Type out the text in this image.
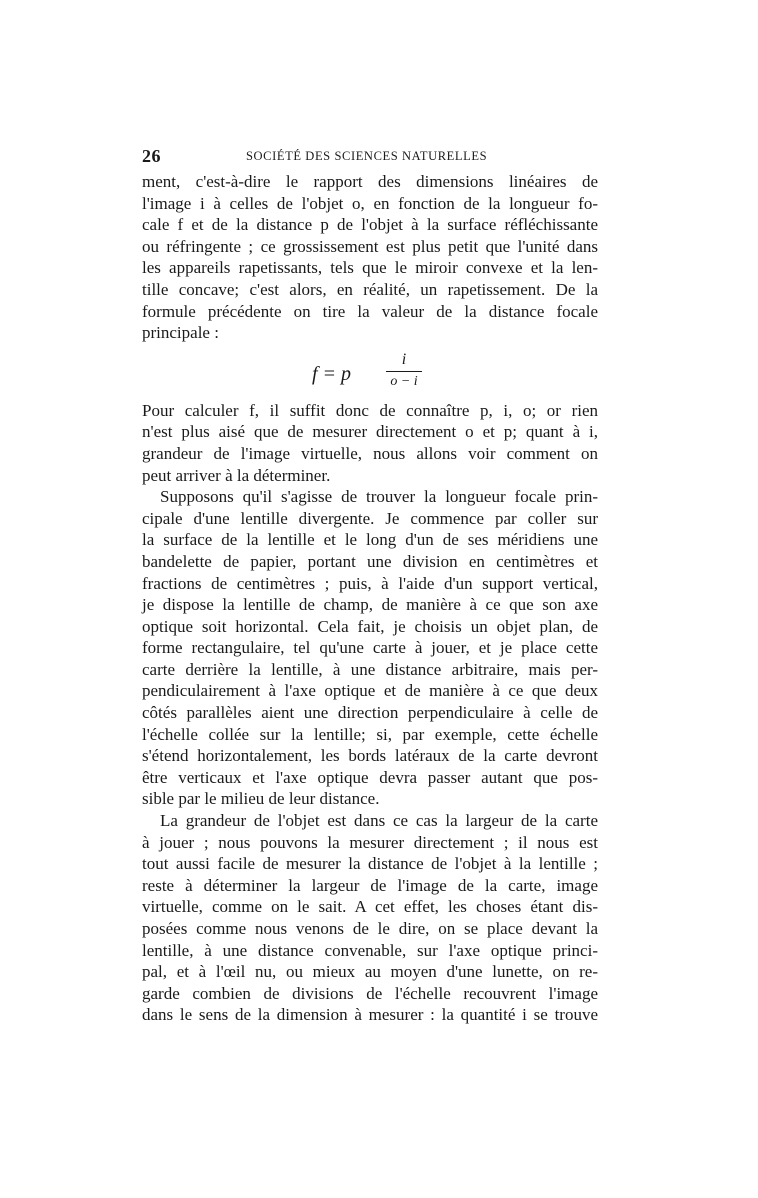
26	SOCIÉTÉ DES SCIENCES NATURELLES
ment, c'est-à-dire le rapport des dimensions linéaires de
l'image i à celles de l'objet o, en fonction de la longueur fo-
cale f et de la distance p de l'objet à la surface réfléchissante
ou réfringente ; ce grossissement est plus petit que l'unité dans
les appareils rapetissants, tels que le miroir convexe et la len-
tille concave; c'est alors, en réalité, un rapetissement. De la
formule précédente on tire la valeur de la distance focale
principale :
f = p
i
o − i
Pour calculer f, il suffit donc de connaître p, i, o; or rien
n'est plus aisé que de mesurer directement o et p; quant à i,
grandeur de l'image virtuelle, nous allons voir comment on
peut arriver à la déterminer.
Supposons qu'il s'agisse de trouver la longueur focale prin-
cipale d'une lentille divergente. Je commence par coller sur
la surface de la lentille et le long d'un de ses méridiens une
bandelette de papier, portant une division en centimètres et
fractions de centimètres ; puis, à l'aide d'un support vertical,
je dispose la lentille de champ, de manière à ce que son axe
optique soit horizontal. Cela fait, je choisis un objet plan, de
forme rectangulaire, tel qu'une carte à jouer, et je place cette
carte derrière la lentille, à une distance arbitraire, mais per-
pendiculairement à l'axe optique et de manière à ce que deux
côtés parallèles aient une direction perpendiculaire à celle de
l'échelle collée sur la lentille; si, par exemple, cette échelle
s'étend horizontalement, les bords latéraux de la carte devront
être verticaux et l'axe optique devra passer autant que pos-
sible par le milieu de leur distance.
La grandeur de l'objet est dans ce cas la largeur de la carte
à jouer ; nous pouvons la mesurer directement ; il nous est
tout aussi facile de mesurer la distance de l'objet à la lentille ;
reste à déterminer la largeur de l'image de la carte, image
virtuelle, comme on le sait. A cet effet, les choses étant dis-
posées comme nous venons de le dire, on se place devant la
lentille, à une distance convenable, sur l'axe optique princi-
pal, et à l'œil nu, ou mieux au moyen d'une lunette, on re-
garde combien de divisions de l'échelle recouvrent l'image
dans le sens de la dimension à mesurer : la quantité i se trouve
